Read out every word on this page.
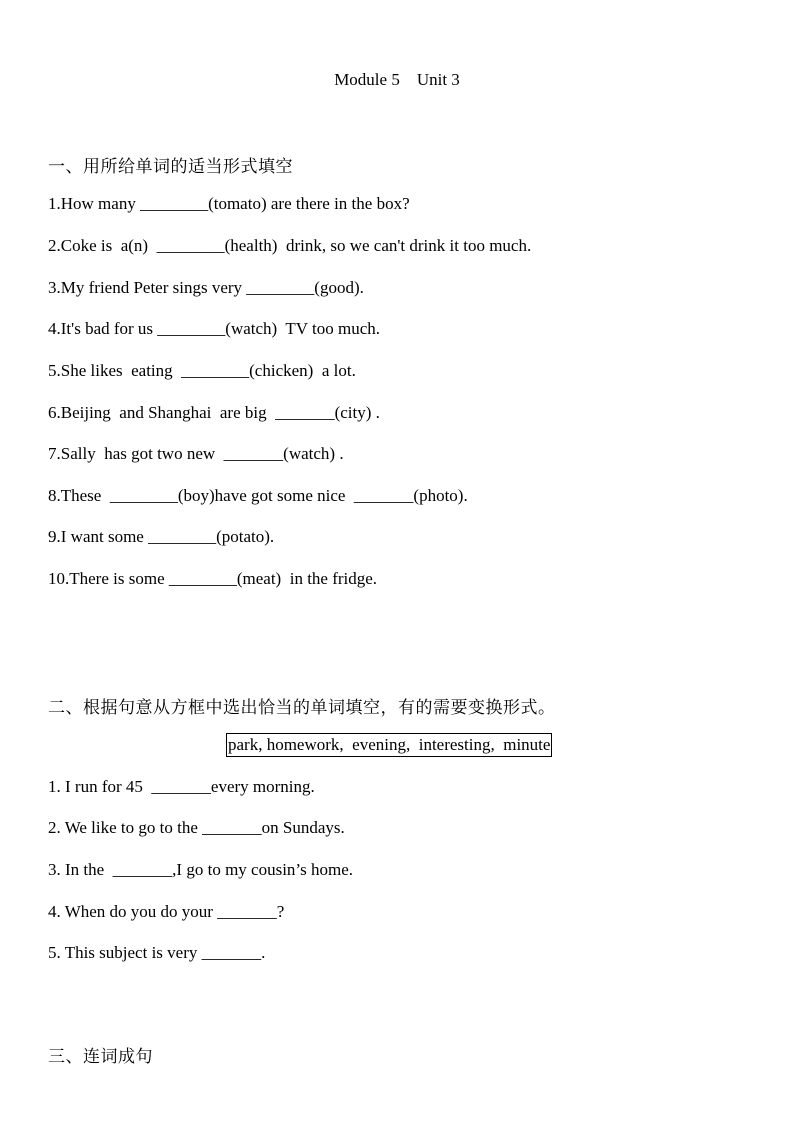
Module 5    Unit 3
一、用所给单词的适当形式填空
1.How many ________(tomato) are there in the box?
2.Coke is  a(n)  ________(health)  drink, so we can't drink it too much.
3.My friend Peter sings very ________(good).
4.It's bad for us ________(watch)  TV too much.
5.She likes  eating  ________(chicken)  a lot.
6.Beijing  and Shanghai  are big  _______(city) .
7.Sally  has got two new  _______(watch) .
8.These  ________(boy)have got some nice  _______(photo).
9.I want some ________(potato).
10.There is some ________(meat)  in the fridge.
二、根据句意从方框中选出恰当的单词填空，有的需要变换形式。
park, homework,  evening,  interesting,  minute
1. I run for 45  _______every morning.
2. We like to go to the _______on Sundays.
3. In the  _______,I go to my cousin’s home.
4. When do you do your _______?
5. This subject is very _______.
三、连词成句
